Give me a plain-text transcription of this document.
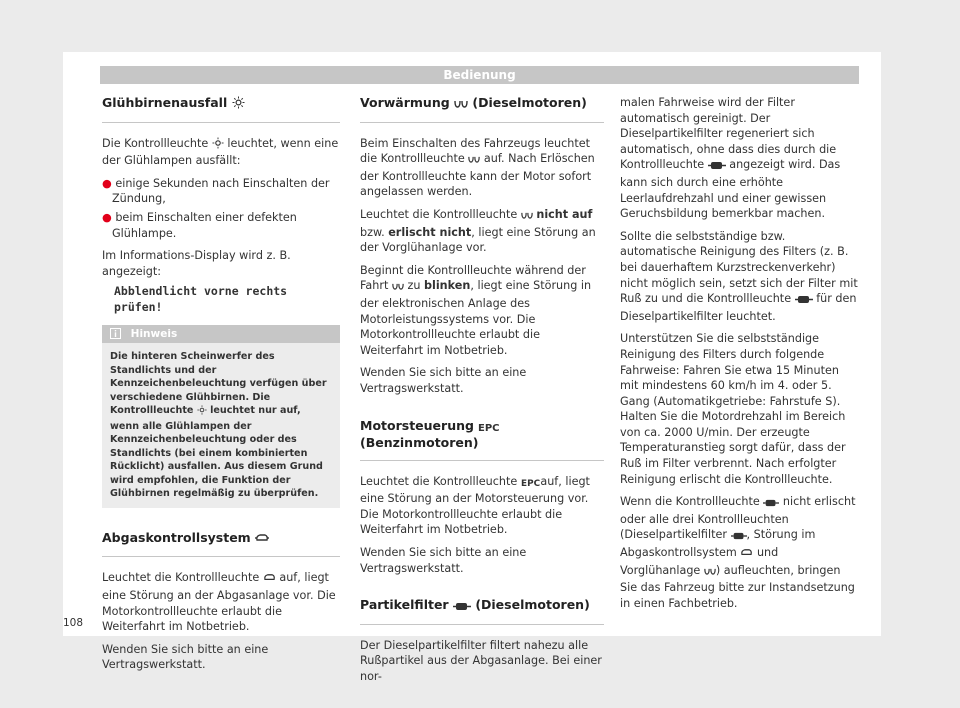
Bedienung
Glühbirnenausfall

Die Kontrollleuchte leuchtet, wenn eine der Glühlampen ausfällt:

● einige Sekunden nach Einschalten der Zündung,
● beim Einschalten einer defekten Glühlampe.

Im Informations-Display wird z. B. angezeigt:

Abblendlicht vorne rechts prüfen!
Hinweis
Die hinteren Scheinwerfer des Standlichts und der Kennzeichenbeleuchtung verfügen über verschiedene Glühbirnen. Die Kontrollleuchte leuchtet nur auf, wenn alle Glühlampen der Kennzeichenbeleuchtung oder des Standlichts (bei einem kombinierten Rücklicht) ausfallen. Aus diesem Grund wird empfohlen, die Funktion der Glühbirnen regelmäßig zu überprüfen.
Abgaskontrollsystem

Leuchtet die Kontrollleuchte auf, liegt eine Störung an der Abgasanlage vor. Die Motorkontrollleuchte erlaubt die Weiterfahrt im Notbetrieb.

Wenden Sie sich bitte an eine Vertragswerkstatt.

Vorwärmung (Dieselmotoren)

Beim Einschalten des Fahrzeugs leuchtet die Kontrollleuchte auf. Nach Erlöschen der Kontrollleuchte kann der Motor sofort angelassen werden.

Leuchtet die Kontrollleuchte nicht auf bzw. erlischt nicht, liegt eine Störung an der Vorglühanlage vor.

Beginnt die Kontrollleuchte während der Fahrt zu blinken, liegt eine Störung in der elektronischen Anlage des Motorleistungssystems vor. Die Motorkontrollleuchte erlaubt die Weiterfahrt im Notbetrieb.

Wenden Sie sich bitte an eine Vertragswerkstatt.

Motorsteuerung EPC
(Benzinmotoren)

Leuchtet die Kontrollleuchte EPC auf, liegt eine Störung an der Motorsteuerung vor. Die Motorkontrollleuchte erlaubt die Weiterfahrt im Notbetrieb.

Wenden Sie sich bitte an eine Vertragswerkstatt.

Partikelfilter (Dieselmotoren)

Der Dieselpartikelfilter filtert nahezu alle Rußpartikel aus der Abgasanlage. Bei einer nor-

malen Fahrweise wird der Filter automatisch gereinigt. Der Dieselpartikelfilter regeneriert sich automatisch, ohne dass dies durch die Kontrollleuchte angezeigt wird. Das kann sich durch eine erhöhte Leerlaufdrehzahl und einer gewissen Geruchsbildung bemerkbar machen.

Sollte die selbstständige bzw. automatische Reinigung des Filters (z. B. bei dauerhaftem Kurzstreckenverkehr) nicht möglich sein, setzt sich der Filter mit Ruß zu und die Kontrollleuchte für den Dieselpartikelfilter leuchtet.

Unterstützen Sie die selbstständige Reinigung des Filters durch folgende Fahrweise: Fahren Sie etwa 15 Minuten mit mindestens 60 km/h im 4. oder 5. Gang (Automatikgetriebe: Fahrstufe S). Halten Sie die Motordrehzahl im Bereich von ca. 2000 U/min. Der erzeugte Temperaturanstieg sorgt dafür, dass der Ruß im Filter verbrennt. Nach erfolgter Reinigung erlischt die Kontrollleuchte.

Wenn die Kontrollleuchte nicht erlischt oder alle drei Kontrollleuchten (Dieselpartikelfilter , Störung im Abgaskontrollsystem und Vorglühanlage ) aufleuchten, bringen Sie das Fahrzeug bitte zur Instandsetzung in einen Fachbetrieb.

108
